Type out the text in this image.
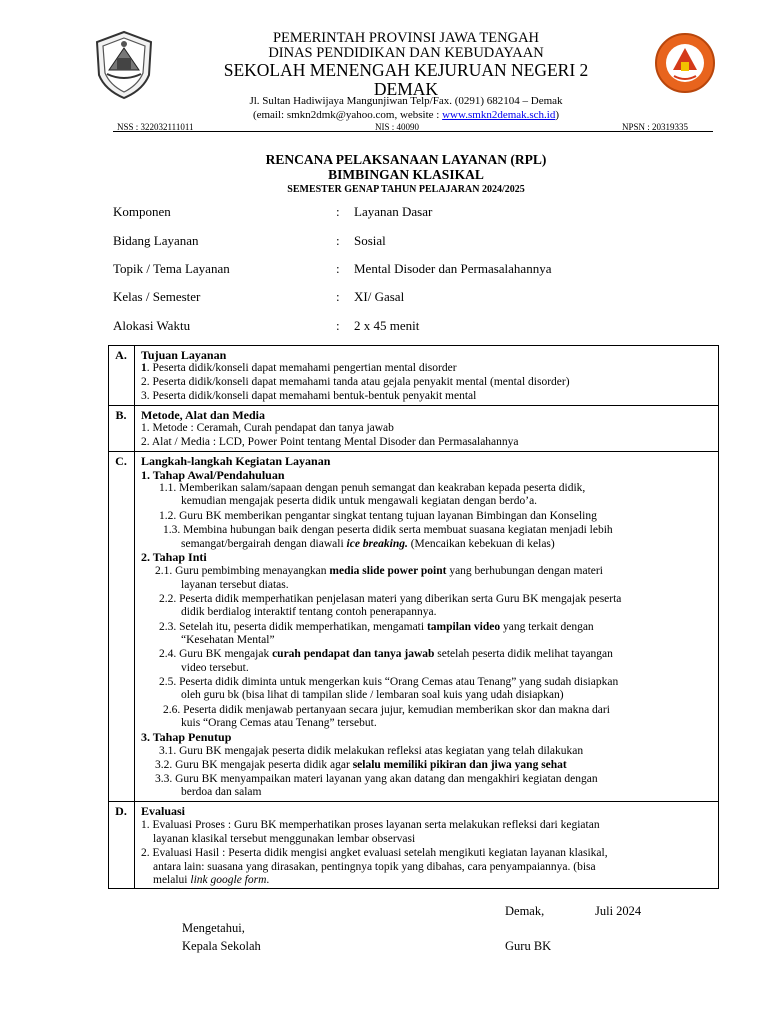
PEMERINTAH PROVINSI JAWA TENGAH
DINAS PENDIDIKAN DAN KEBUDAYAAN
SEKOLAH MENENGAH KEJURUAN NEGERI 2
DEMAK
Jl. Sultan Hadiwijaya Mangunjiwan Telp/Fax. (0291) 682104 – Demak
(email: smkn2dmk@yahoo.com, website : www.smkn2demak.sch.id)
NSS : 322032111011	NIS : 40090	NPSN : 20319335
RENCANA PELAKSANAAN LAYANAN (RPL)
BIMBINGAN KLASIKAL
SEMESTER GENAP TAHUN PELAJARAN 2024/2025
Komponen	: Layanan Dasar
Bidang Layanan	: Sosial
Topik / Tema Layanan	: Mental Disoder dan Permasalahannya
Kelas / Semester	: XI/ Gasal
Alokasi Waktu	: 2 x 45 menit
A.	Tujuan Layanan
1. Peserta didik/konseli dapat memahami pengertian mental disorder
2. Peserta didik/konseli dapat memahami tanda atau gejala penyakit mental (mental disorder)
3. Peserta didik/konseli dapat memahami bentuk-bentuk penyakit mental
B.	Metode, Alat dan Media
1. Metode : Ceramah, Curah pendapat dan tanya jawab
2. Alat / Media : LCD, Power Point tentang Mental Disoder dan Permasalahannya
C.	Langkah-langkah Kegiatan Layanan
1. Tahap Awal/Pendahuluan
1.1. Memberikan salam/sapaan dengan penuh semangat dan keakraban kepada peserta didik,
kemudian mengajak peserta didik untuk mengawali kegiatan dengan berdo’a.
1.2. Guru BK memberikan pengantar singkat tentang tujuan layanan Bimbingan dan Konseling
1.3. Membina hubungan baik dengan peserta didik serta membuat suasana kegiatan menjadi lebih
semangat/bergairah dengan diawali ice breaking. (Mencaikan kebekuan di kelas)
2. Tahap Inti
2.1. Guru pembimbing menayangkan media slide power point yang berhubungan dengan materi
layanan tersebut diatas.
2.2. Peserta didik memperhatikan penjelasan materi yang diberikan serta Guru BK mengajak peserta
didik berdialog interaktif tentang contoh penerapannya.
2.3. Setelah itu, peserta didik memperhatikan, mengamati tampilan video yang terkait dengan
“Kesehatan Mental”
2.4. Guru BK mengajak curah pendapat dan tanya jawab setelah peserta didik melihat tayangan
video tersebut.
2.5. Peserta didik diminta untuk mengerkan kuis “Orang Cemas atau Tenang” yang sudah disiapkan
oleh guru bk (bisa lihat di tampilan slide / lembaran soal kuis yang udah disiapkan)
2.6. Peserta didik menjawab pertanyaan secara jujur, kemudian memberikan skor dan makna dari
kuis “Orang Cemas atau Tenang” tersebut.
3. Tahap Penutup
3.1. Guru BK mengajak peserta didik melakukan refleksi atas kegiatan yang telah dilakukan
3.2. Guru BK mengajak peserta didik agar selalu memiliki pikiran dan jiwa yang sehat
3.3. Guru BK menyampaikan materi layanan yang akan datang dan mengakhiri kegiatan dengan
berdoa dan salam
D.	Evaluasi
1. Evaluasi Proses : Guru BK memperhatikan proses layanan serta melakukan refleksi dari kegiatan
layanan klasikal tersebut menggunakan lembar observasi
2. Evaluasi Hasil : Peserta didik mengisi angket evaluasi setelah mengikuti kegiatan layanan klasikal,
antara lain: suasana yang dirasakan, pentingnya topik yang dibahas, cara penyampaiannya. (bisa
melalui link google form.
Demak,	Juli 2024
Mengetahui,
Kepala Sekolah	Guru BK
